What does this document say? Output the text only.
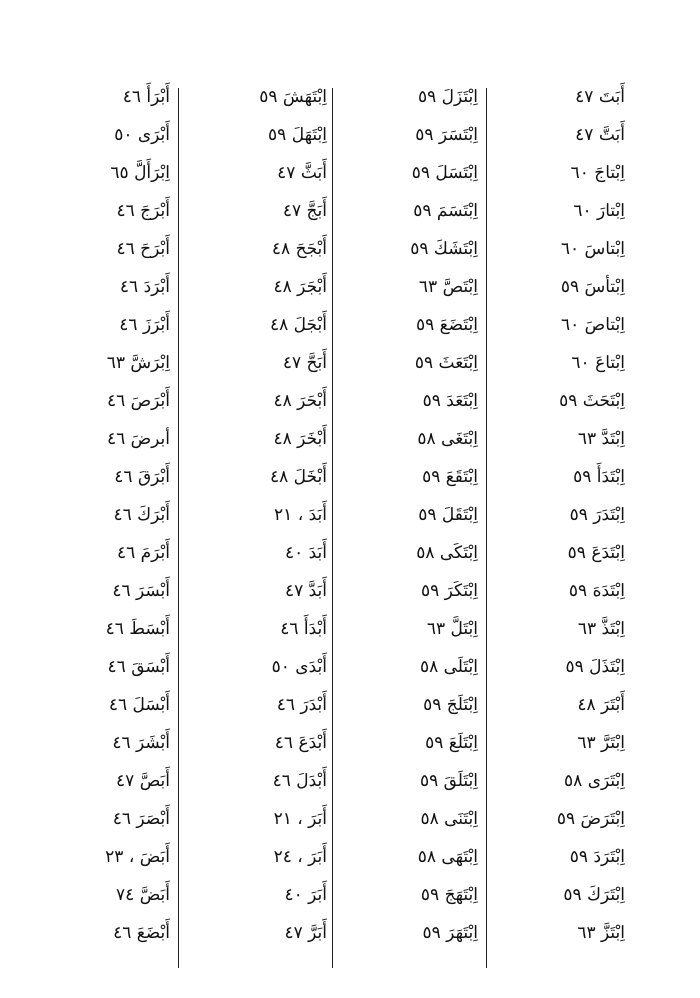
أَبَتَ ٤٧
أَبَتَّ ٤٧
اِبْتاجَ ٦٠
اِبْتارَ ٦٠
اِبْتاسَ ٦٠
اِبْتأسَ ٥٩
اِبْتاصَ ٦٠
اِبْتاعَ ٦٠
اِبْتَحَثَ ٥٩
اِبْتَدَّ ٦٣
اِبْتَدَأَ ٥٩
اِبْتَدَرَ ٥٩
اِبْتَدَعَ ٥٩
اِبْتَدَهَ ٥٩
اِبْتَذَّ ٦٣
اِبْتَذَلَ ٥٩
أَبْتَرَ ٤٨
اِبْتَرَّ ٦٣
اِبْتَرَى ٥٨
اِبْتَرَضَ ٥٩
اِبْتَرَدَ ٥٩
اِبْتَرَكَ ٥٩
اِبْتَزَّ ٦٣
اِبْتَزَلَ ٥٩
اِبْتَسَرَ ٥٩
اِبْتَسَلَ ٥٩
اِبْتَسَمَ ٥٩
اِبْتَشَكَ ٥٩
اِبْتَصَّ ٦٣
اِبْتَضَعَ ٥٩
اِبْتَعَثَ ٥٩
اِبْتَعَدَ ٥٩
اِبْتَغَى ٥٨
اِبْتَقَعَ ٥٩
اِبْتَقَلَ ٥٩
اِبْتَكَى ٥٨
اِبْتَكَرَ ٥٩
اِبْتَلَّ ٦٣
اِبْتَلَى ٥٨
اِبْتَلَجَ ٥٩
اِبْتَلَعَ ٥٩
اِبْتَلَقَ ٥٩
اِبْتَنَى ٥٨
اِبْتَهَى ٥٨
اِبْتَهَجَ ٥٩
اِبْتَهَرَ ٥٩
اِبْتَهَشَ ٥٩
اِبْتَهَلَ ٥٩
أَبَثَّ ٤٧
أَبَجَّ ٤٧
أَبْجَحَ ٤٨
أَبْجَرَ ٤٨
أَبْجَلَ ٤٨
أَبَحَّ ٤٧
أَبْحَرَ ٤٨
أَبْخَرَ ٤٨
أَبْخَلَ ٤٨
أَبَدَ ، ٢١
أَبَدَ ٤٠
أَبَدَّ ٤٧
أَبْدَأَ ٤٦
أَبْدَى ٥٠
أَبْدَرَ ٤٦
أَبْدَعَ ٤٦
أَبْدَلَ ٤٦
أَبَرَ ، ٢١
أَبَرَ ، ٢٤
أَبَرَ ٤٠
أَبَرَّ ٤٧
أَبْرَأَ ٤٦
أَبْرَى ٥٠
اِبْرَأَلَّ ٦٥
أَبْرَجَ ٤٦
أَبْرَحَ ٤٦
أَبْرَدَ ٤٦
أَبْرَزَ ٤٦
اِبْرَشَّ ٦٣
أَبْرَصَ ٤٦
أبرضَ ٤٦
أَبْرَقَ ٤٦
أَبْرَكَ ٤٦
أَبْرَمَ ٤٦
أَبْسَرَ ٤٦
أَبْسَطَ ٤٦
أَبْسَقَ ٤٦
أَبْسَلَ ٤٦
أَبْشَرَ ٤٦
أَبَصَّ ٤٧
أَبْصَرَ ٤٦
أَبَضَ ، ٢٣
أَبَضَّ ٧٤
أَبْضَعَ ٤٦
